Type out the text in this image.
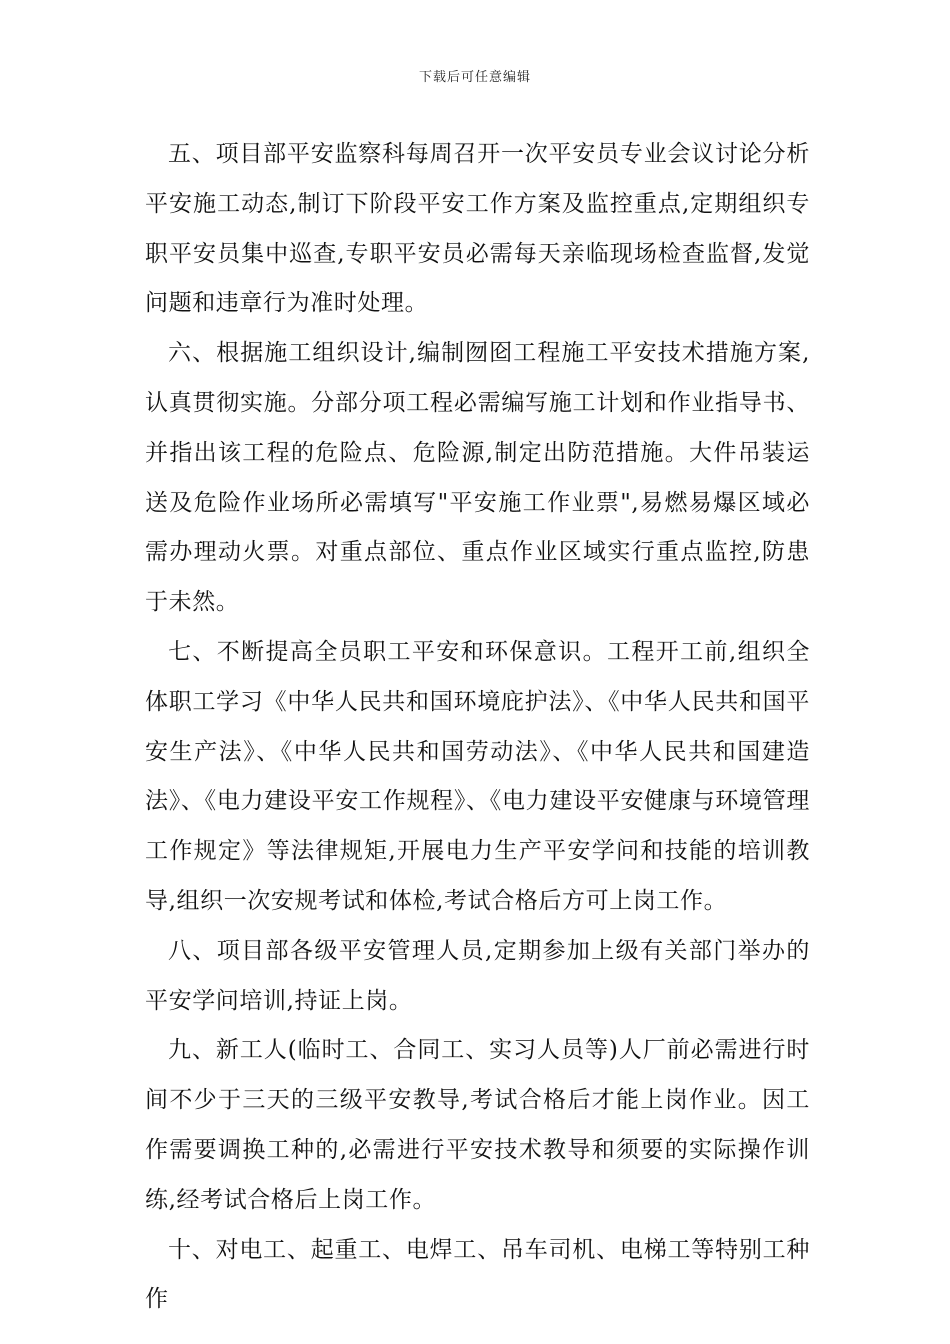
下载后可任意编辑

五、项目部平安监察科每周召开一次平安员专业会议讨论分析平安施工动态,制订下阶段平安工作方案及监控重点,定期组织专职平安员集中巡查,专职平安员必需每天亲临现场检查监督,发觉问题和违章行为准时处理。

六、根据施工组织设计,编制囫囵工程施工平安技术措施方案,认真贯彻实施。分部分项工程必需编写施工计划和作业指导书、并指出该工程的危险点、危险源,制定出防范措施。大件吊装运送及危险作业场所必需填写"平安施工作业票",易燃易爆区域必需办理动火票。对重点部位、重点作业区域实行重点监控,防患于未然。

七、不断提高全员职工平安和环保意识。工程开工前,组织全体职工学习《中华人民共和国环境庇护法》、《中华人民共和国平安生产法》、《中华人民共和国劳动法》、《中华人民共和国建造法》、《电力建设平安工作规程》、《电力建设平安健康与环境管理工作规定》等法律规矩,开展电力生产平安学问和技能的培训教导,组织一次安规考试和体检,考试合格后方可上岗工作。

八、项目部各级平安管理人员,定期参加上级有关部门举办的平安学问培训,持证上岗。

九、新工人(临时工、合同工、实习人员等)人厂前必需进行时间不少于三天的三级平安教导,考试合格后才能上岗作业。因工作需要调换工种的,必需进行平安技术教导和须要的实际操作训练,经考试合格后上岗工作。

十、对电工、起重工、电焊工、吊车司机、电梯工等特别工种作
